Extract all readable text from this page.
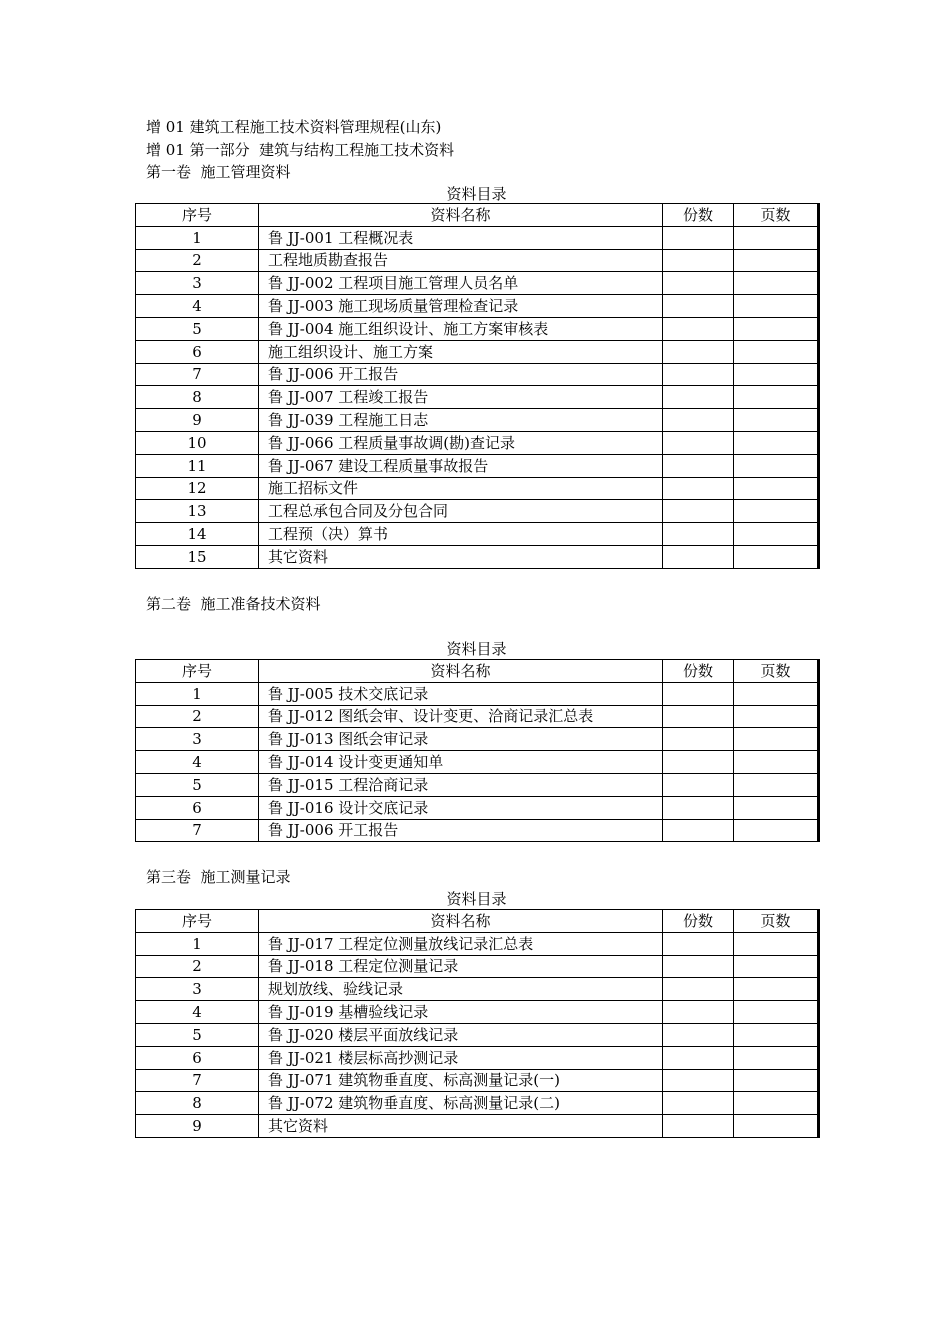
增 01 建筑工程施工技术资料管理规程(山东)
增 01 第一部分  建筑与结构工程施工技术资料
第一卷  施工管理资料
资料目录
序号	资料名称	份数	页数
1	鲁 JJ-001 工程概况表		
2	工程地质勘查报告		
3	鲁 JJ-002 工程项目施工管理人员名单		
4	鲁 JJ-003 施工现场质量管理检查记录		
5	鲁 JJ-004 施工组织设计、施工方案审核表		
6	施工组织设计、施工方案		
7	鲁 JJ-006 开工报告		
8	鲁 JJ-007 工程竣工报告		
9	鲁 JJ-039 工程施工日志		
10	鲁 JJ-066 工程质量事故调(勘)查记录		
11	鲁 JJ-067 建设工程质量事故报告		
12	施工招标文件		
13	工程总承包合同及分包合同		
14	工程预（决）算书		
15	其它资料		
第二卷  施工准备技术资料
资料目录
序号	资料名称	份数	页数
1	鲁 JJ-005 技术交底记录		
2	鲁 JJ-012 图纸会审、设计变更、洽商记录汇总表		
3	鲁 JJ-013 图纸会审记录		
4	鲁 JJ-014 设计变更通知单		
5	鲁 JJ-015 工程洽商记录		
6	鲁 JJ-016 设计交底记录		
7	鲁 JJ-006 开工报告		
第三卷  施工测量记录
资料目录
序号	资料名称	份数	页数
1	鲁 JJ-017 工程定位测量放线记录汇总表		
2	鲁 JJ-018 工程定位测量记录		
3	规划放线、验线记录		
4	鲁 JJ-019 基槽验线记录		
5	鲁 JJ-020 楼层平面放线记录		
6	鲁 JJ-021 楼层标高抄测记录		
7	鲁 JJ-071 建筑物垂直度、标高测量记录(一)		
8	鲁 JJ-072 建筑物垂直度、标高测量记录(二)		
9	其它资料		
